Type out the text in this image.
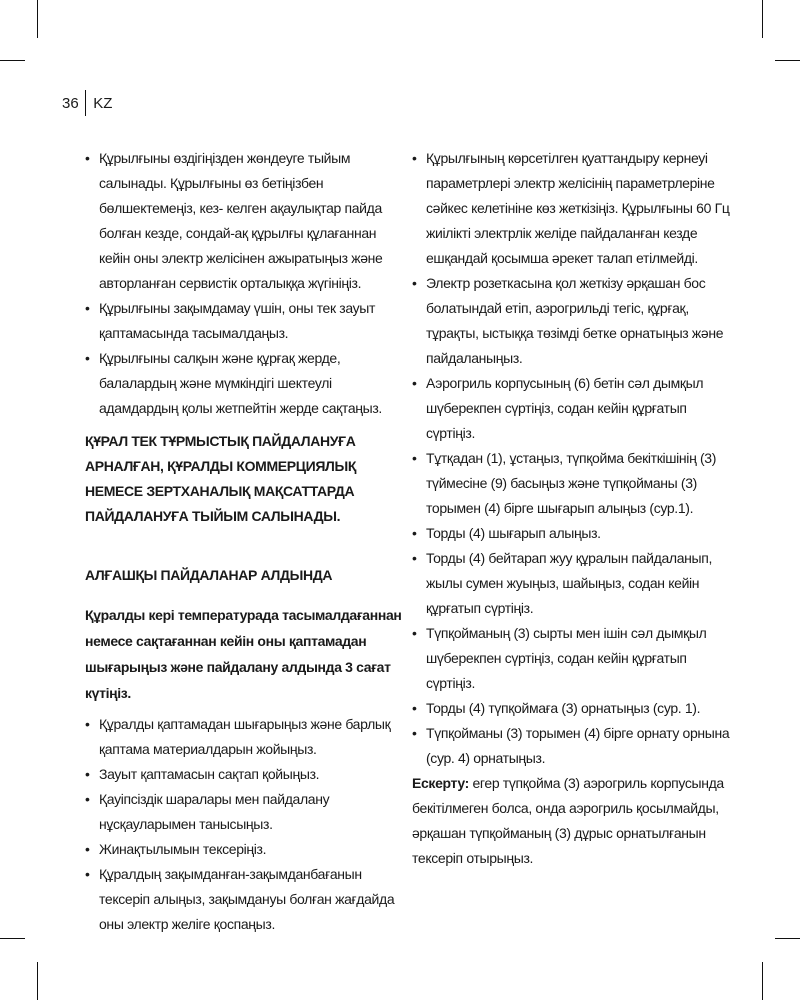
36 KZ
• Құрылғыны өздігіңізден жөндеуге тыйым салынады. Құрылғыны өз бетіңізбен бөлшектемеңіз, кез- келген ақаулықтар пайда болған кезде, сондай-ақ құрылғы құлағаннан кейін оны электр желісінен ажыратыңыз және авторланған сервистік орталыққа жүгініңіз.
• Құрылғыны зақымдамау үшін, оны тек зауыт қаптамасында тасымалдаңыз.
• Құрылғыны салқын және құрғақ жерде, балалардың және мүмкіндігі шектеулі адамдардың қолы жетпейтін жерде сақтаңыз.

ҚҰРАЛ ТЕК ТҰРМЫСТЫҚ ПАЙДАЛАНУҒА АРНАЛҒАН, ҚҰРАЛДЫ КОММЕРЦИЯЛЫҚ НЕМЕСЕ ЗЕРТХАНАЛЫҚ МАҚСАТТАРДА ПАЙДАЛАНУҒА ТЫЙЫМ САЛЫНАДЫ.

АЛҒАШҚЫ ПАЙДАЛАНАР АЛДЫНДА

Құралды кері температурада тасымалдағаннан немесе сақтағаннан кейін оны қаптамадан шығарыңыз және пайдалану алдында 3 сағат күтіңіз.

• Құралды қаптамадан шығарыңыз және барлық қаптама материалдарын жойыңыз.
• Зауыт қаптамасын сақтап қойыңыз.
• Қауіпсіздік шаралары мен пайдалану нұсқауларымен танысыңыз.
• Жинақтылымын тексеріңіз.
• Құралдың зақымданған-зақымданбағанын тексеріп алыңыз, зақымдануы болған жағдайда оны электр желіге қоспаңыз.
• Құрылғының көрсетілген қуаттандыру кернеуі параметрлері электр желісінің параметрлеріне сәйкес келетініне көз жеткізіңіз. Құрылғыны 60 Гц жиілікті электрлік желіде пайдаланған кезде ешқандай қосымша әрекет талап етілмейді.
• Электр розеткасына қол жеткізу әрқашан бос болатындай етіп, аэрогрильді тегіс, құрғақ, тұрақты, ыстыққа төзімді бетке орнатыңыз және пайдаланыңыз.
• Аэрогриль корпусының (6) бетін сәл дымқыл шүберекпен сүртіңіз, содан кейін құрғатып сүртіңіз.
• Тұтқадан (1), ұстаңыз, түпқойма бекіткішінің (3) түймесіне (9) басыңыз және түпқойманы (3) торымен (4) бірге шығарып алыңыз (сур.1).
• Торды (4) шығарып алыңыз.
• Торды (4) бейтарап жуу құралын пайдаланып, жылы сумен жуыңыз, шайыңыз, содан кейін құрғатып сүртіңіз.
• Түпқойманың (3) сырты мен ішін сәл дымқыл шүберекпен сүртіңіз, содан кейін құрғатып сүртіңіз.
• Торды (4) түпқоймаға (3) орнатыңыз (сур. 1).
• Түпқойманы (3) торымен (4) бірге орнату орнына (сур. 4) орнатыңыз.

Ескерту: егер түпқойма (3) аэрогриль корпусында бекітілмеген болса, онда аэрогриль қосылмайды, әрқашан түпқойманың (3) дұрыс орнатылғанын тексеріп отырыңыз.
